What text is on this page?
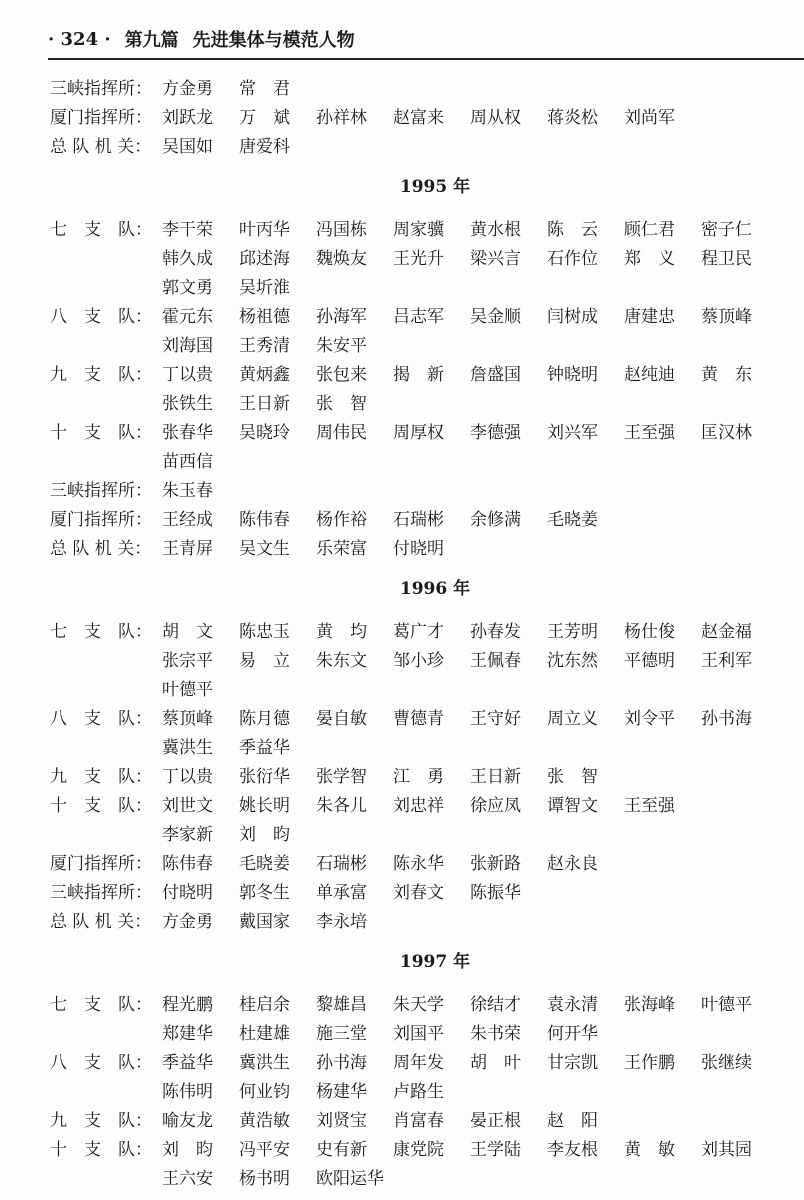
· 324 · 第九篇 先进集体与模范人物
三峡指挥所： 方金勇	常　君
厦门指挥所： 刘跃龙	万　斌	孙祥林	赵富来	周从权	蒋炎松	刘尚军
总 队 机 关： 吴国如	唐爱科
1995 年
七　支　队： 李干荣	叶丙华	冯国栋	周家骥	黄水根	陈　云	顾仁君	密子仁
韩久成	邱述海	魏焕友	王光升	梁兴言	石作位	郑　义	程卫民
郭文勇	吴圻淮
八　支　队： 霍元东	杨祖德	孙海军	吕志军	吴金顺	闫树成	唐建忠	蔡顶峰
刘海国	王秀清	朱安平
九　支　队： 丁以贵	黄炳鑫	张包来	揭　新	詹盛国	钟晓明	赵纯迪	黄　东
张铁生	王日新	张　智
十　支　队： 张春华	吴晓玲	周伟民	周厚权	李德强	刘兴军	王至强	匡汉林
苗西信
三峡指挥所： 朱玉春
厦门指挥所： 王经成	陈伟春	杨作裕	石瑞彬	余修满	毛晓姜
总 队 机 关： 王青屏	吴文生	乐荣富	付晓明
1996 年
七　支　队： 胡　文	陈忠玉	黄　均	葛广才	孙春发	王芳明	杨仕俊	赵金福
张宗平	易　立	朱东文	邹小珍	王佩春	沈东然	平德明	王利军
叶德平
八　支　队： 蔡顶峰	陈月德	晏自敏	曹德青	王守好	周立义	刘令平	孙书海
冀洪生	季益华
九　支　队： 丁以贵	张衍华	张学智	江　勇	王日新	张　智
十　支　队： 刘世文	姚长明	朱各儿	刘忠祥	徐应凤	谭智文	王至强
李家新	刘　昀
厦门指挥所： 陈伟春	毛晓姜	石瑞彬	陈永华	张新路	赵永良
三峡指挥所： 付晓明	郭冬生	单承富	刘春文	陈振华
总 队 机 关： 方金勇	戴国家	李永培
1997 年
七　支　队： 程光鹏	桂启余	黎雄昌	朱天学	徐结才	袁永清	张海峰	叶德平
郑建华	杜建雄	施三堂	刘国平	朱书荣	何开华
八　支　队： 季益华	冀洪生	孙书海	周年发	胡　叶	甘宗凯	王作鹏	张继续
陈伟明	何业钧	杨建华	卢路生
九　支　队： 喻友龙	黄浩敏	刘贤宝	肖富春	晏正根	赵　阳
十　支　队： 刘　昀	冯平安	史有新	康党院	王学陆	李友根	黄　敏	刘其园
王六安	杨书明	欧阳运华
